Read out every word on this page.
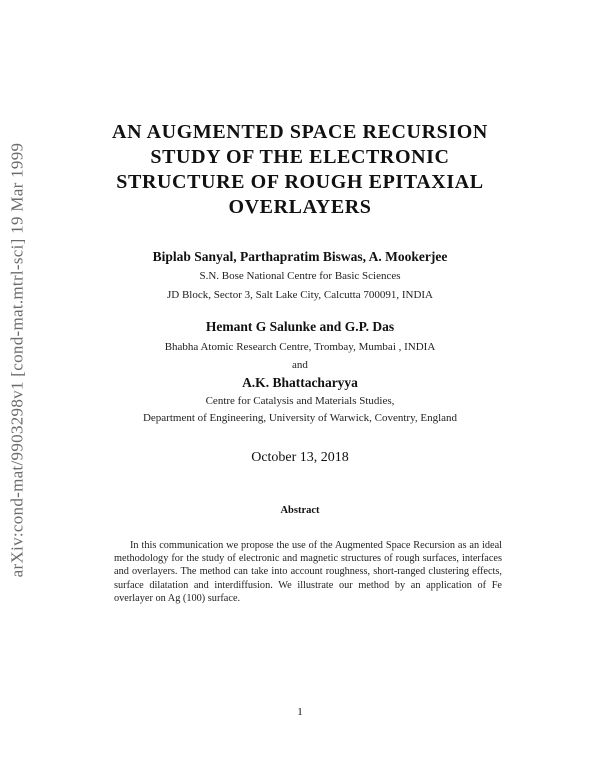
arXiv:cond-mat/9903298v1 [cond-mat.mtrl-sci] 19 Mar 1999
AN AUGMENTED SPACE RECURSION
STUDY OF THE ELECTRONIC
STRUCTURE OF ROUGH EPITAXIAL
OVERLAYERS
Biplab Sanyal, Parthapratim Biswas, A. Mookerjee
S.N. Bose National Centre for Basic Sciences
JD Block, Sector 3, Salt Lake City, Calcutta 700091, INDIA
Hemant G Salunke and G.P. Das
Bhabha Atomic Research Centre, Trombay, Mumbai , INDIA
and
A.K. Bhattacharyya
Centre for Catalysis and Materials Studies,
Department of Engineering, University of Warwick, Coventry, England
October 13, 2018
Abstract
In this communication we propose the use of the Augmented Space Recursion as an ideal methodology for the study of electronic and magnetic structures of rough surfaces, interfaces and overlayers. The method can take into account roughness, short-ranged clustering effects, surface dilatation and interdiffusion. We illustrate our method by an application of Fe overlayer on Ag (100) surface.
1
